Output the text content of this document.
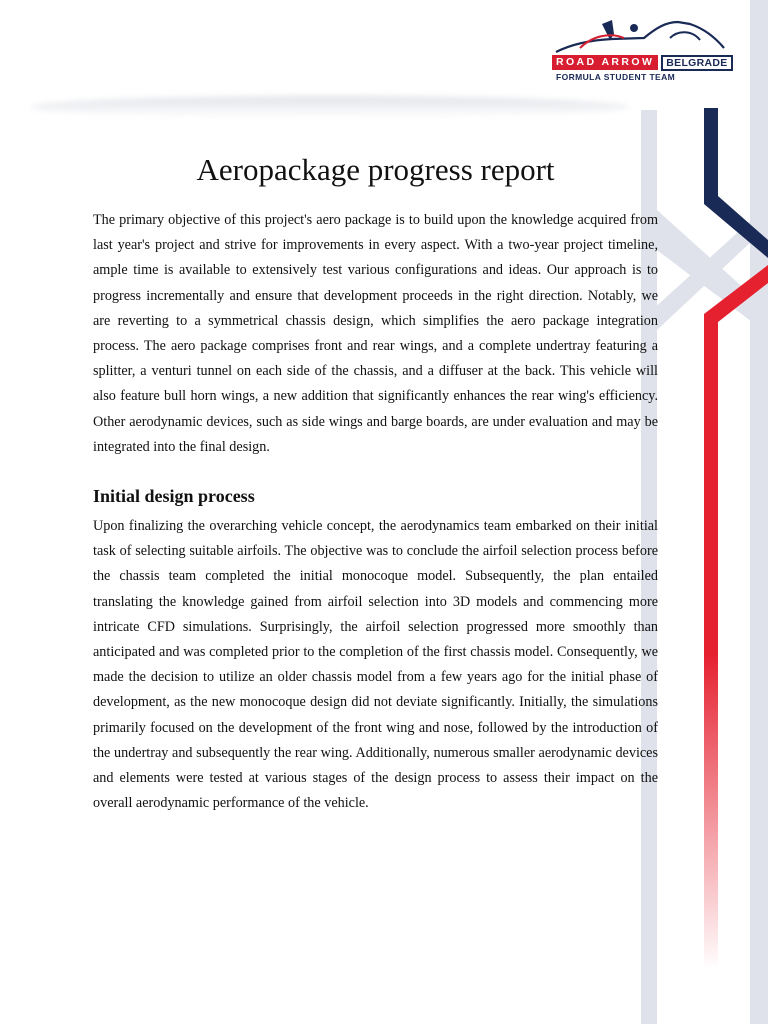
ROAD ARROW	BELGRADE
FORMULA STUDENT TEAM
Aeropackage progress report

The primary objective of this project's aero package is to build upon the knowledge acquired from last year's project and strive for improvements in every aspect. With a two-year project timeline, ample time is available to extensively test various configurations and ideas. Our approach is to progress incrementally and ensure that development proceeds in the right direction. Notably, we are reverting to a symmetrical chassis design, which simplifies the aero package integration process. The aero package comprises front and rear wings, and a complete undertray featuring a splitter, a venturi tunnel on each side of the chassis, and a diffuser at the back. This vehicle will also feature bull horn wings, a new addition that significantly enhances the rear wing's efficiency. Other aerodynamic devices, such as side wings and barge boards, are under evaluation and may be integrated into the final design.

Initial design process

Upon finalizing the overarching vehicle concept, the aerodynamics team embarked on their initial task of selecting suitable airfoils. The objective was to conclude the airfoil selection process before the chassis team completed the initial monocoque model. Subsequently, the plan entailed translating the knowledge gained from airfoil selection into 3D models and commencing more intricate CFD simulations. Surprisingly, the airfoil selection progressed more smoothly than anticipated and was completed prior to the completion of the first chassis model. Consequently, we made the decision to utilize an older chassis model from a few years ago for the initial phase of development, as the new monocoque design did not deviate significantly. Initially, the simulations primarily focused on the development of the front wing and nose, followed by the introduction of the undertray and subsequently the rear wing. Additionally, numerous smaller aerodynamic devices and elements were tested at various stages of the design process to assess their impact on the overall aerodynamic performance of the vehicle.
